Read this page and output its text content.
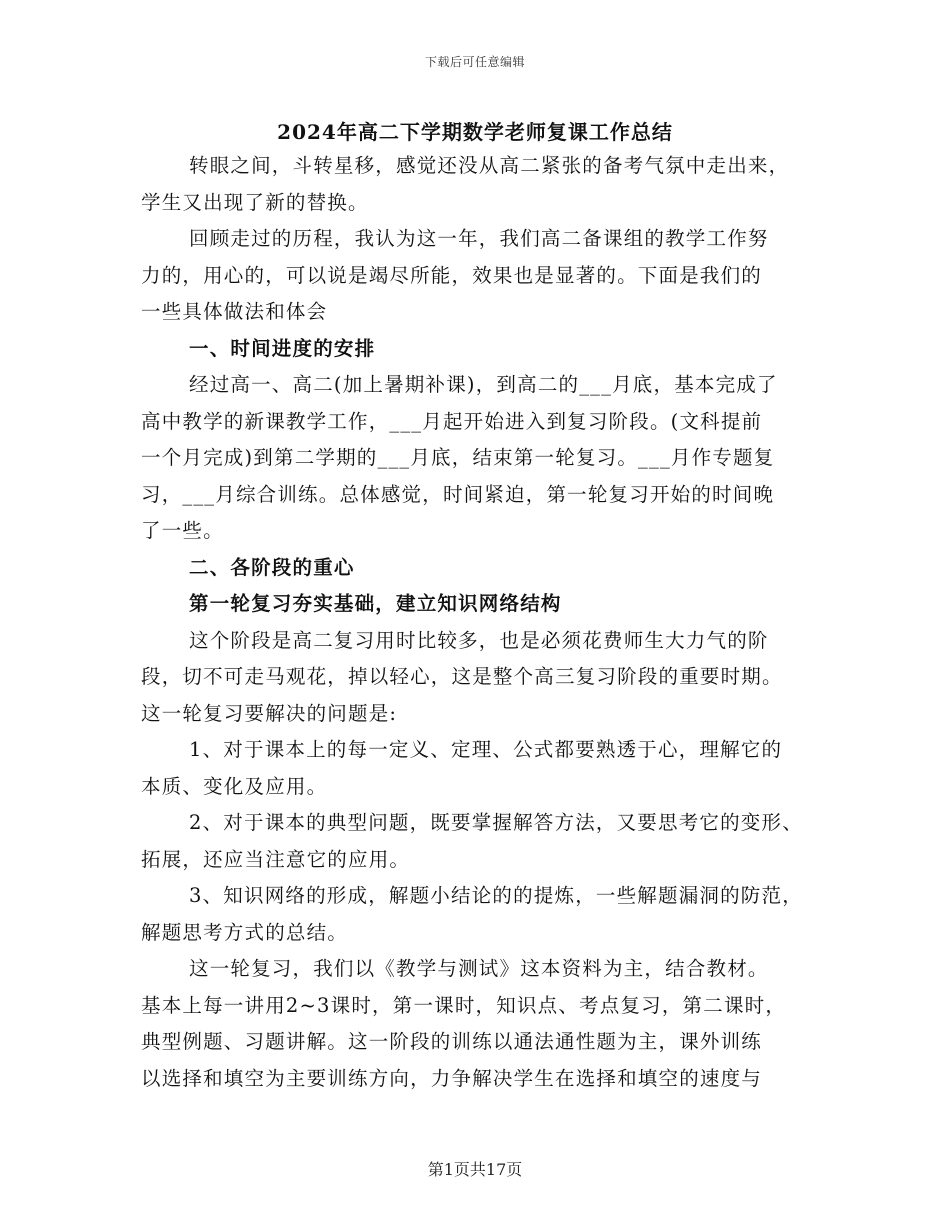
下载后可任意编辑
2024年高二下学期数学老师复课工作总结
转眼之间，斗转星移，感觉还没从高二紧张的备考气氛中走出来，
学生又出现了新的替换。
回顾走过的历程，我认为这一年，我们高二备课组的教学工作努
力的，用心的，可以说是竭尽所能，效果也是显著的。下面是我们的
一些具体做法和体会
一、时间进度的安排
经过高一、高二(加上暑期补课)，到高二的___月底，基本完成了
高中教学的新课教学工作，___月起开始进入到复习阶段。(文科提前
一个月完成)到第二学期的___月底，结束第一轮复习。___月作专题复
习，___月综合训练。总体感觉，时间紧迫，第一轮复习开始的时间晚
了一些。
二、各阶段的重心
第一轮复习夯实基础，建立知识网络结构
这个阶段是高二复习用时比较多，也是必须花费师生大力气的阶
段，切不可走马观花，掉以轻心，这是整个高三复习阶段的重要时期。
这一轮复习要解决的问题是:
1、对于课本上的每一定义、定理、公式都要熟透于心，理解它的
本质、变化及应用。
2、对于课本的典型问题，既要掌握解答方法，又要思考它的变形、
拓展，还应当注意它的应用。
3、知识网络的形成，解题小结论的的提炼，一些解题漏洞的防范，
解题思考方式的总结。
这一轮复习，我们以《教学与测试》这本资料为主，结合教材。
基本上每一讲用2~3课时，第一课时，知识点、考点复习，第二课时，
典型例题、习题讲解。这一阶段的训练以通法通性题为主，课外训练
以选择和填空为主要训练方向，力争解决学生在选择和填空的速度与
第1页共17页
